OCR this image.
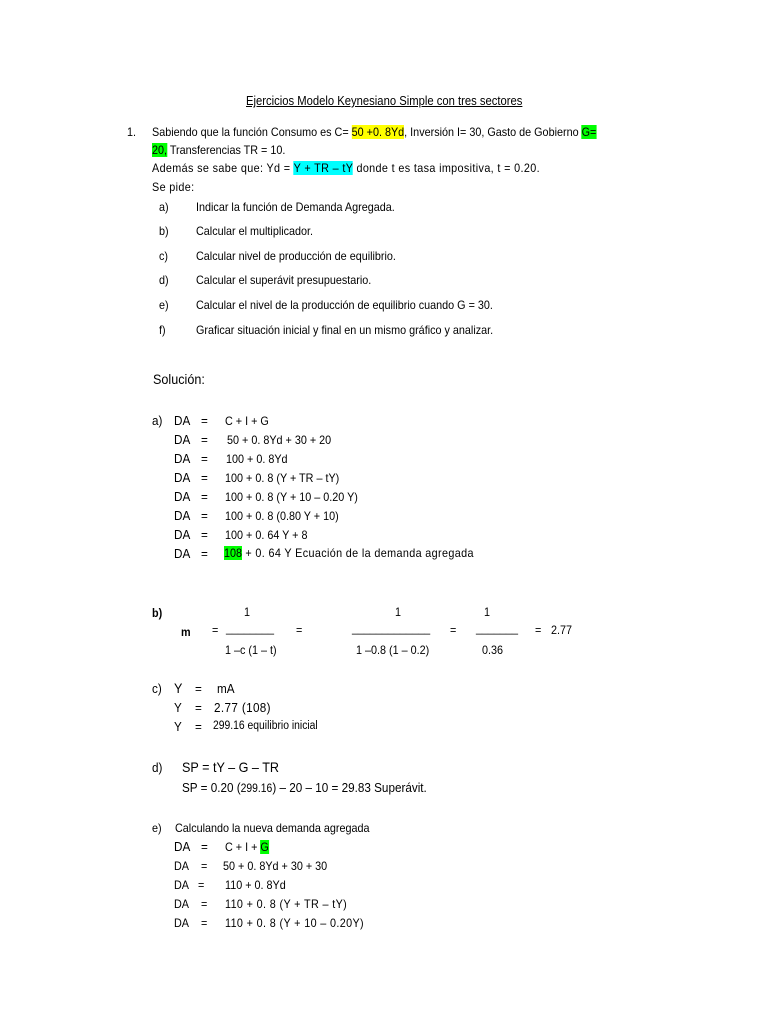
Ejercicios Modelo Keynesiano Simple con tres sectores
1. Sabiendo que la función Consumo es C= 50 +0. 8Yd, Inversión I= 30, Gasto de Gobierno G=
20, Transferencias TR = 10.
Además se sabe que: Yd = Y + TR – tY donde t es tasa impositiva, t = 0.20.
Se pide:
a) Indicar la función de Demanda Agregada.
b) Calcular el multiplicador.
c) Calcular nivel de producción de equilibrio.
d) Calcular el superávit presupuestario.
e) Calcular el nivel de la producción de equilibrio cuando G = 30.
f)	Graficar situación inicial y final en un mismo gráfico y analizar.
Solución:
a) DA = C + I + G
DA = 50 + 0. 8Yd + 30 + 20
DA = 100 + 0. 8Yd
DA = 100 + 0. 8 (Y + TR – tY)
DA = 100 + 0. 8 (Y + 10 – 0.20 Y)
DA = 100 + 0. 8 (0.80 Y + 10)
DA = 100 + 0. 64 Y + 8
DA = 108 + 0. 64 Y Ecuación de la demanda agregada
b)	1	1	1
m = ________ =	_____________ = _______ = 2.77
1 –c (1 – t)	1 –0.8 (1 – 0.2)	0.36
c) Y = mA
Y = 2.77 (108)
Y = 299.16 equilibrio inicial
d) SP = tY – G – TR
SP = 0.20 (299.16) – 20 – 10 = 29.83 Superávit.
e) Calculando la nueva demanda agregada
DA = C + I + G
DA = 50 + 0. 8Yd + 30 + 30
DA = 110 + 0. 8Yd
DA = 110 + 0. 8 (Y + TR – tY)
DA = 110 + 0. 8 (Y + 10 – 0.20Y)
